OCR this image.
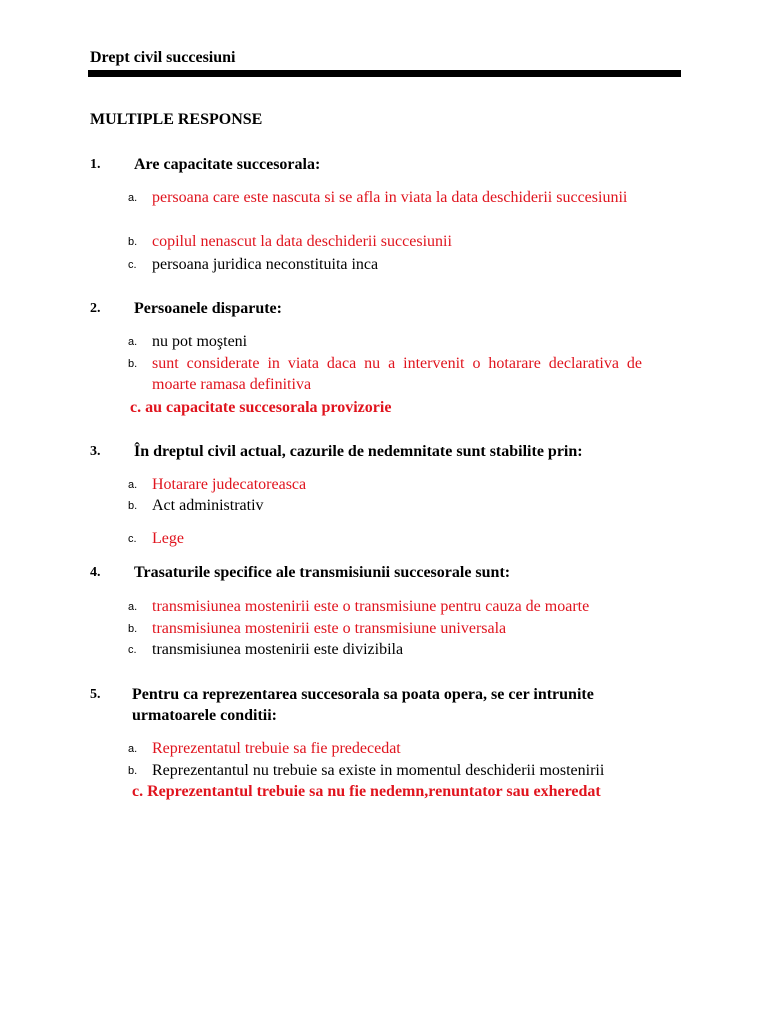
Drept civil succesiuni
MULTIPLE RESPONSE
1. Are capacitate succesorala:
a. persoana care este nascuta si se afla in viata la data deschiderii succesiunii
b. copilul nenascut la data deschiderii succesiunii
c. persoana juridica neconstituita inca
2. Persoanele disparute:
a. nu pot moşteni
b. sunt considerate in viata daca nu a intervenit o hotarare declarativa de moarte ramasa definitiva
c. au capacitate succesorala provizorie
3. În dreptul civil actual, cazurile de nedemnitate sunt stabilite prin:
a. Hotarare judecatoreasca
b. Act administrativ
c. Lege
4. Trasaturile specifice ale transmisiunii succesorale sunt:
a. transmisiunea mostenirii este o transmisiune pentru cauza de moarte
b. transmisiunea mostenirii este o transmisiune universala
c. transmisiunea mostenirii este divizibila
5. Pentru ca reprezentarea succesorala sa poata opera, se cer intrunite urmatoarele conditii:
a. Reprezentatul trebuie sa fie predecedat
b. Reprezentantul nu trebuie sa existe in momentul deschiderii mostenirii
c. Reprezentantul trebuie sa nu fie nedemn,renuntator sau exheredat
